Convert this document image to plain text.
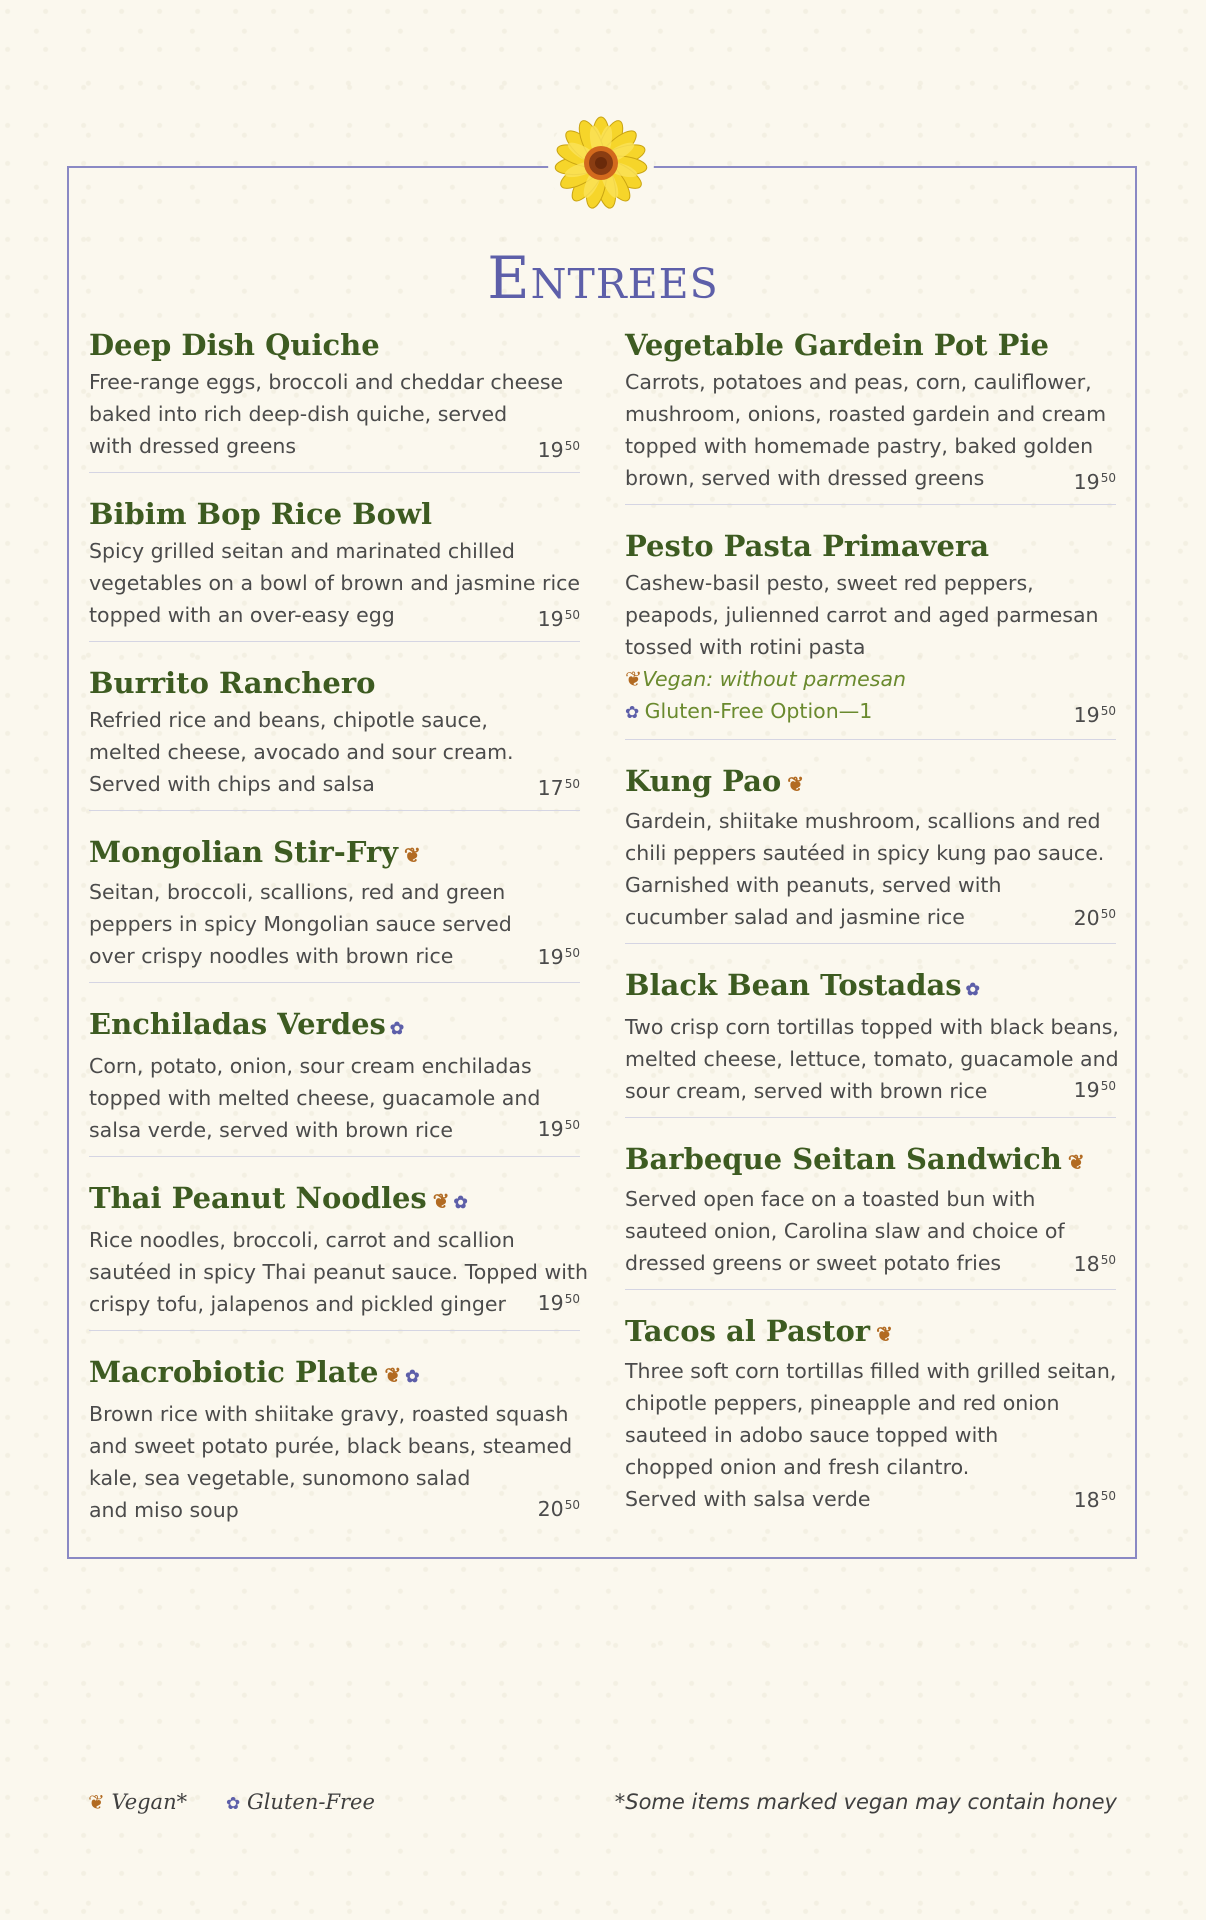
Entrees
Deep Dish Quiche
Free-range eggs, broccoli and cheddar cheese
baked into rich deep-dish quiche, served
with dressed greens	$19^{50}$
Bibim Bop Rice Bowl
Spicy grilled seitan and marinated chilled
vegetables on a bowl of brown and jasmine rice
topped with an over-easy egg	$19^{50}$
Burrito Ranchero
Refried rice and beans, chipotle sauce,
melted cheese, avocado and sour cream.
Served with chips and salsa	$17^{50}$
Mongolian Stir-Fry ❦
Seitan, broccoli, scallions, red and green
peppers in spicy Mongolian sauce served
over crispy noodles with brown rice	$19^{50}$
Enchiladas Verdes ✿
Corn, potato, onion, sour cream enchiladas
topped with melted cheese, guacamole and
salsa verde, served with brown rice	$19^{50}$
Thai Peanut Noodles ❦ ✿
Rice noodles, broccoli, carrot and scallion
sautéed in spicy Thai peanut sauce. Topped with
crispy tofu, jalapenos and pickled ginger	$19^{50}$
Macrobiotic Plate ❦ ✿
Brown rice with shiitake gravy, roasted squash
and sweet potato purée, black beans, steamed
kale, sea vegetable, sunomono salad
and miso soup	$20^{50}$
Vegetable Gardein Pot Pie
Carrots, potatoes and peas, corn, cauliflower,
mushroom, onions, roasted gardein and cream
topped with homemade pastry, baked golden
brown, served with dressed greens	$19^{50}$
Pesto Pasta Primavera
Cashew-basil pesto, sweet red peppers,
peapods, julienned carrot and aged parmesan
tossed with rotini pasta
❦Vegan: without parmesan
✿ Gluten-Free Option—1	$19^{50}$
Kung Pao ❦
Gardein, shiitake mushroom, scallions and red
chili peppers sautéed in spicy kung pao sauce.
Garnished with peanuts, served with
cucumber salad and jasmine rice	$20^{50}$
Black Bean Tostadas ✿
Two crisp corn tortillas topped with black beans,
melted cheese, lettuce, tomato, guacamole and
sour cream, served with brown rice	$19^{50}$
Barbeque Seitan Sandwich ❦
Served open face on a toasted bun with
sauteed onion, Carolina slaw and choice of
dressed greens or sweet potato fries	$18^{50}$
Tacos al Pastor ❦
Three soft corn tortillas filled with grilled seitan,
chipotle peppers, pineapple and red onion
sauteed in adobo sauce topped with
chopped onion and fresh cilantro.
Served with salsa verde	$18^{50}$
❦ Vegan* ✿ Gluten-Free	*Some items marked vegan may contain honey
